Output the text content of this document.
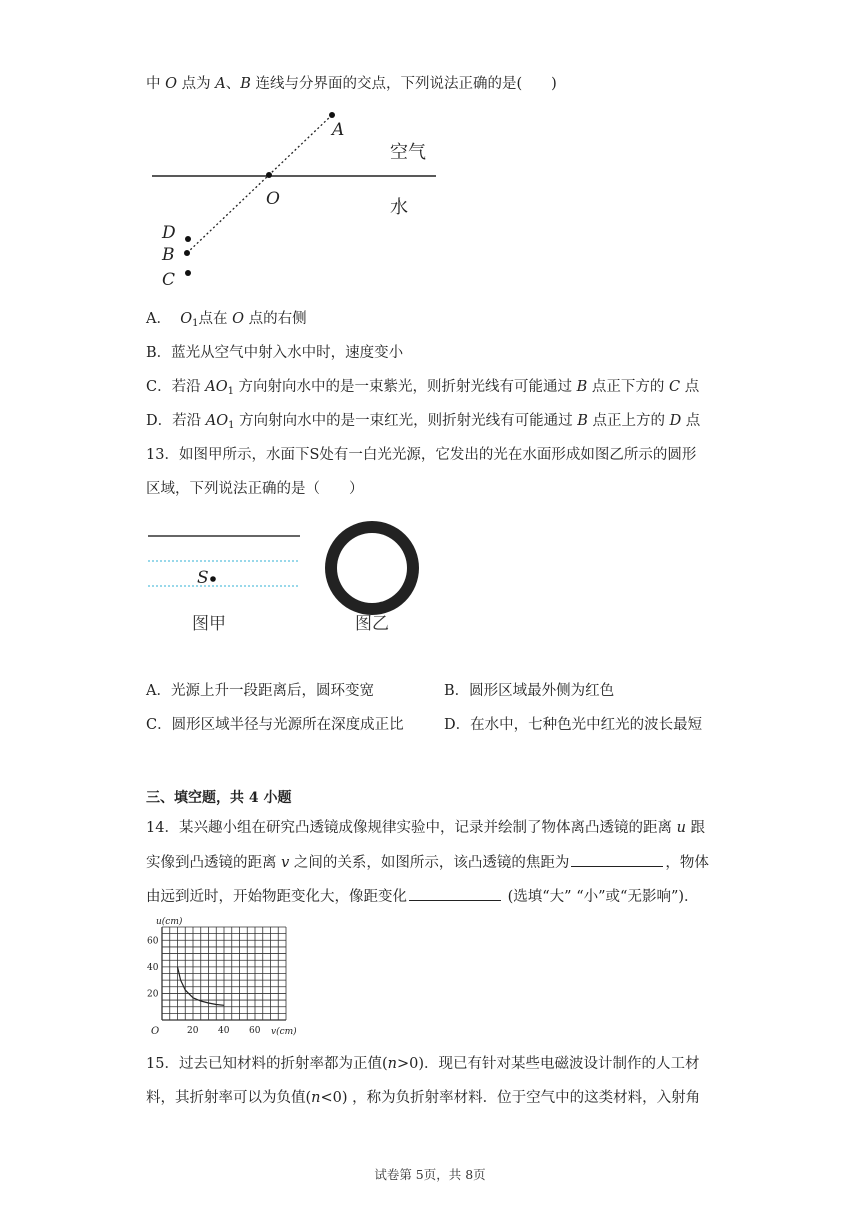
中 O 点为 A、B 连线与分界面的交点，下列说法正确的是(　　)
A
O
D
B
C
空气
水
A． $O_1$点在 O 点的右侧
B．蓝光从空气中射入水中时，速度变小
C．若沿 $AO_1$ 方向射向水中的是一束紫光，则折射光线有可能通过 B 点正下方的 C 点
D．若沿 $AO_1$ 方向射向水中的是一束红光，则折射光线有可能通过 B 点正上方的 D 点
13．如图甲所示，水面下S处有一白光光源，它发出的光在水面形成如图乙所示的圆形
区域，下列说法正确的是（　　）
S
图甲	图乙
A．光源上升一段距离后，圆环变宽	B．圆形区域最外侧为红色
C．圆形区域半径与光源所在深度成正比	D．在水中，七种色光中红光的波长最短
三、填空题，共 4 小题
14．某兴趣小组在研究凸透镜成像规律实验中，记录并绘制了物体离凸透镜的距离 u 跟
实像到凸透镜的距离 v 之间的关系，如图所示，该凸透镜的焦距为	，物体
由远到近时，开始物距变化大，像距变化	(选填“大” “小”或“无影响”)．
u(cm)
v(cm)
O	20 40 60
20
40
60
15．过去已知材料的折射率都为正值(n>0)．现已有针对某些电磁波设计制作的人工材
料，其折射率可以为负值(n<0) ，称为负折射率材料．位于空气中的这类材料，入射角
试卷第 5页，共 8页
